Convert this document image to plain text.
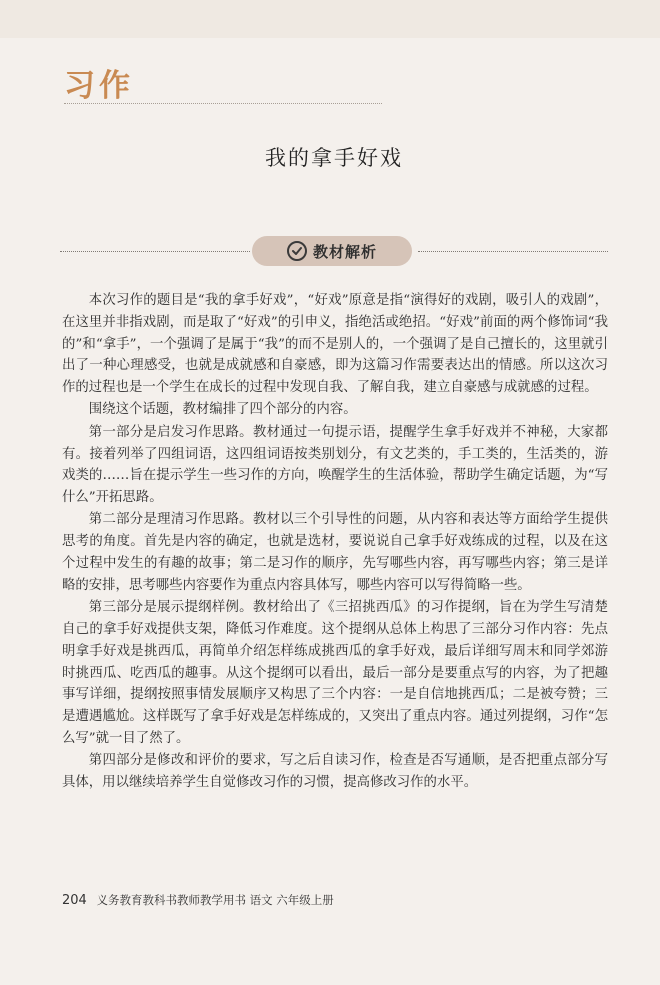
习作
我的拿手好戏
教材解析

本次习作的题目是“我的拿手好戏”，“好戏”原意是指“演得好的戏剧，吸引人的戏剧”，在这里并非指戏剧，而是取了“好戏”的引申义，指绝活或绝招。“好戏”前面的两个修饰词“我的”和“拿手”，一个强调了是属于“我”的而不是别人的，一个强调了是自己擅长的，这里就引出了一种心理感受，也就是成就感和自豪感，即为这篇习作需要表达出的情感。所以这次习作的过程也是一个学生在成长的过程中发现自我、了解自我，建立自豪感与成就感的过程。

围绕这个话题，教材编排了四个部分的内容。

第一部分是启发习作思路。教材通过一句提示语，提醒学生拿手好戏并不神秘，大家都有。接着列举了四组词语，这四组词语按类别划分，有文艺类的，手工类的，生活类的，游戏类的……旨在提示学生一些习作的方向，唤醒学生的生活体验，帮助学生确定话题，为“写什么”开拓思路。

第二部分是理清习作思路。教材以三个引导性的问题，从内容和表达等方面给学生提供思考的角度。首先是内容的确定，也就是选材，要说说自己拿手好戏练成的过程，以及在这个过程中发生的有趣的故事；第二是习作的顺序，先写哪些内容，再写哪些内容；第三是详略的安排，思考哪些内容要作为重点内容具体写，哪些内容可以写得简略一些。

第三部分是展示提纲样例。教材给出了《三招挑西瓜》的习作提纲，旨在为学生写清楚自己的拿手好戏提供支架，降低习作难度。这个提纲从总体上构思了三部分习作内容：先点明拿手好戏是挑西瓜，再简单介绍怎样练成挑西瓜的拿手好戏，最后详细写周末和同学郊游时挑西瓜、吃西瓜的趣事。从这个提纲可以看出，最后一部分是要重点写的内容，为了把趣事写详细，提纲按照事情发展顺序又构思了三个内容：一是自信地挑西瓜；二是被夸赞；三是遭遇尴尬。这样既写了拿手好戏是怎样练成的，又突出了重点内容。通过列提纲，习作“怎么写”就一目了然了。

第四部分是修改和评价的要求，写之后自读习作，检查是否写通顺，是否把重点部分写具体，用以继续培养学生自觉修改习作的习惯，提高修改习作的水平。

204 义务教育教科书教师教学用书 语文 六年级上册
